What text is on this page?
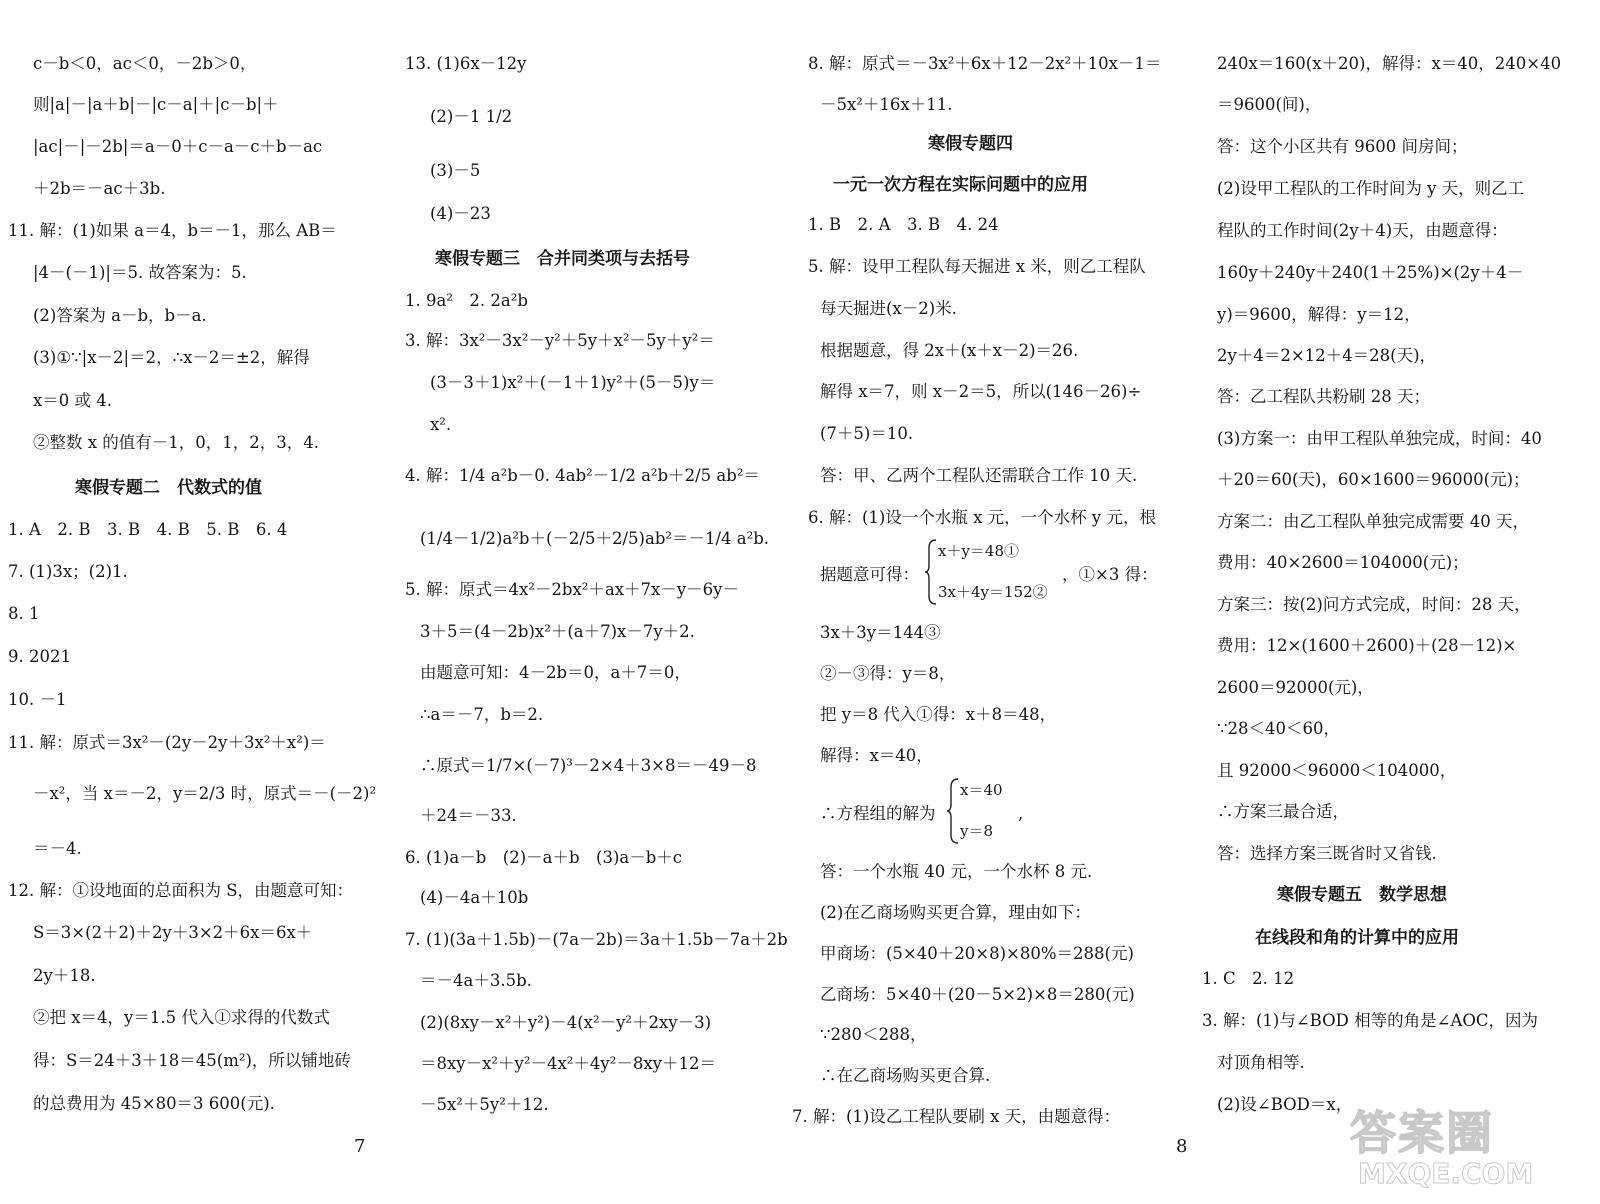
c－b＜0，ac＜0，－2b＞0，
则|a|－|a＋b|－|c－a|＋|c－b|＋
|ac|－|－2b|＝a－0＋c－a－c＋b－ac
＋2b＝－ac＋3b.
11. 解：(1)如果 a＝4，b＝－1，那么 AB＝
|4－(－1)|＝5. 故答案为：5.
(2)答案为 a－b，b－a.
(3)①∵|x－2|＝2，∴x－2＝±2，解得
x＝0 或 4.
②整数 x 的值有－1，0，1，2，3，4.
寒假专题二　代数式的值
1. A　2. B　3. B　4. B　5. B　6. 4
7. (1)3x；(2)1.
8. 1
9. 2021
10. －1
11. 解：原式＝3x²－(2y－2y＋3x²＋x²)＝
－x²，当 x＝－2，y＝2/3 时，原式＝－(－2)²
＝－4.
12. 解：①设地面的总面积为 S，由题意可知：
S＝3×(2＋2)＋2y＋3×2＋6x＝6x＋
2y＋18.
②把 x＝4，y＝1.5 代入①求得的代数式
得：S＝24＋3＋18＝45(m²)，所以铺地砖
的总费用为 45×80＝3 600(元).
7
13. (1)6x－12y
(2)－1 1/2
(3)－5
(4)－23
寒假专题三　合并同类项与去括号
1. 9a²　2. 2a²b
3. 解：3x²－3x²－y²＋5y＋x²－5y＋y²＝
(3－3＋1)x²＋(－1＋1)y²＋(5－5)y＝
x².
4. 解：1/4 a²b－0. 4ab²－1/2 a²b＋2/5 ab²＝
(1/4－1/2)a²b＋(－2/5＋2/5)ab²＝－1/4 a²b.
5. 解：原式＝4x²－2bx²＋ax＋7x－y－6y－
3＋5＝(4－2b)x²＋(a＋7)x－7y＋2.
由题意可知：4－2b＝0，a＋7＝0，
∴a＝－7，b＝2.
∴原式＝1/7×(－7)³－2×4＋3×8＝－49－8
＋24＝－33.
6. (1)a－b　(2)－a＋b　(3)a－b＋c
(4)－4a＋10b
7. (1)(3a＋1.5b)－(7a－2b)＝3a＋1.5b－7a＋2b
＝－4a＋3.5b.
(2)(8xy－x²＋y²)－4(x²－y²＋2xy－3)
＝8xy－x²＋y²－4x²＋4y²－8xy＋12＝
－5x²＋5y²＋12.
8. 解：原式＝－3x²＋6x＋12－2x²＋10x－1＝
－5x²＋16x＋11.
寒假专题四
一元一次方程在实际问题中的应用
1. B　2. A　3. B　4. 24
5. 解：设甲工程队每天掘进 x 米，则乙工程队
每天掘进(x－2)米.
根据题意，得 2x＋(x＋x－2)＝26.
解得 x＝7，则 x－2＝5，所以(146－26)÷
(7＋5)＝10.
答：甲、乙两个工程队还需联合工作 10 天.
6. 解：(1)设一个水瓶 x 元，一个水杯 y 元，根
据题意可得：
x＋y＝48①
3x＋4y＝152②
，①×3 得：
3x＋3y＝144③
②－③得：y＝8，
把 y＝8 代入①得：x＋8＝48，
解得：x＝40，
∴方程组的解为
x＝40
y＝8
,
答：一个水瓶 40 元，一个水杯 8 元.
(2)在乙商场购买更合算，理由如下：
甲商场：(5×40＋20×8)×80%＝288(元)
乙商场：5×40＋(20－5×2)×8＝280(元)
∵280＜288，
∴在乙商场购买更合算.
7. 解：(1)设乙工程队要刷 x 天，由题意得：
240x＝160(x＋20)，解得：x＝40，240×40
＝9600(间)，
答：这个小区共有 9600 间房间；
(2)设甲工程队的工作时间为 y 天，则乙工
程队的工作时间(2y＋4)天，由题意得：
160y＋240y＋240(1＋25%)×(2y＋4－
y)＝9600，解得：y＝12，
2y＋4＝2×12＋4＝28(天)，
答：乙工程队共粉刷 28 天；
(3)方案一：由甲工程队单独完成，时间：40
＋20＝60(天)，60×1600＝96000(元)；
方案二：由乙工程队单独完成需要 40 天，
费用：40×2600＝104000(元)；
方案三：按(2)问方式完成，时间：28 天，
费用：12×(1600＋2600)＋(28－12)×
2600＝92000(元)，
∵28＜40＜60，
且 92000＜96000＜104000，
∴方案三最合适，
答：选择方案三既省时又省钱.
寒假专题五　数学思想
在线段和角的计算中的应用
1. C　2. 12
3. 解：(1)与∠BOD 相等的角是∠AOC，因为
对顶角相等.
(2)设∠BOD＝x，
8	答案圈
MXQE.COM
